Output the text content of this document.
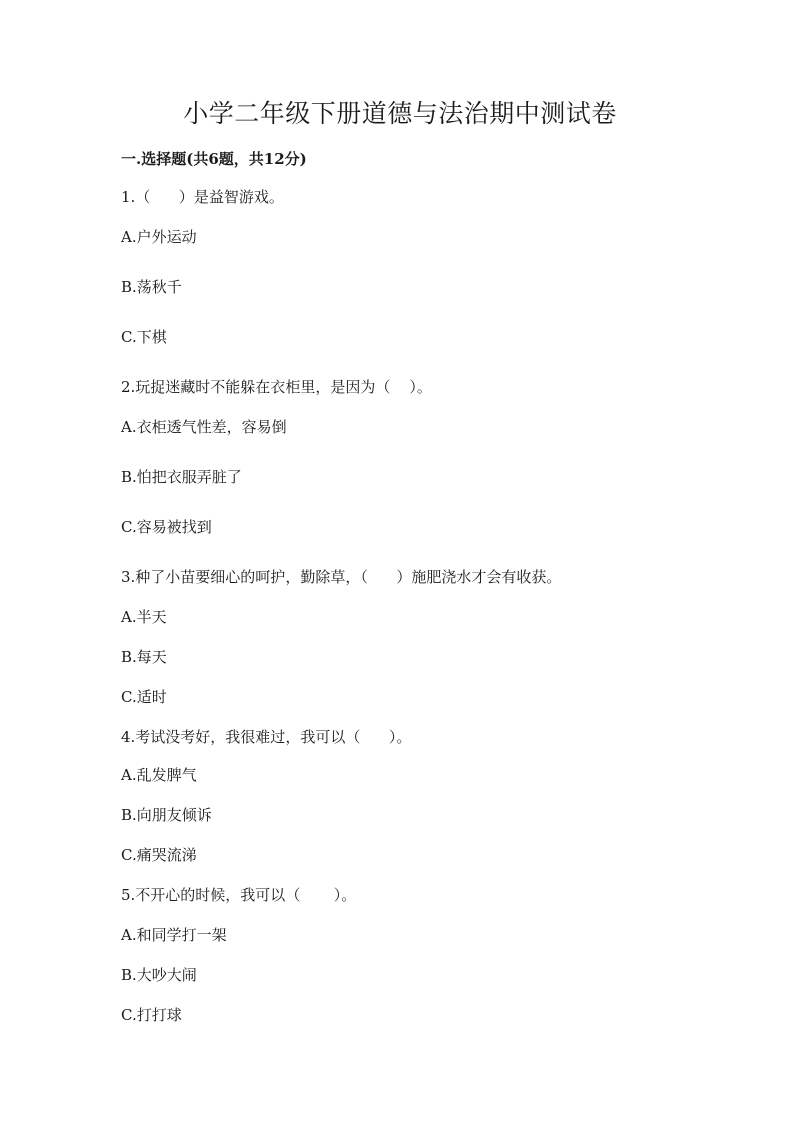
小学二年级下册道德与法治期中测试卷
一.选择题(共6题，共12分)
1.（      ）是益智游戏。
A.户外运动
B.荡秋千
C.下棋
2.玩捉迷藏时不能躲在衣柜里，是因为（    ）。
A.衣柜透气性差，容易倒
B.怕把衣服弄脏了
C.容易被找到
3.种了小苗要细心的呵护，勤除草，（      ）施肥浇水才会有收获。
A.半天
B.每天
C.适时
4.考试没考好，我很难过，我可以（      ）。
A.乱发脾气
B.向朋友倾诉
C.痛哭流涕
5.不开心的时候，我可以（       ）。
A.和同学打一架
B.大吵大闹
C.打打球
